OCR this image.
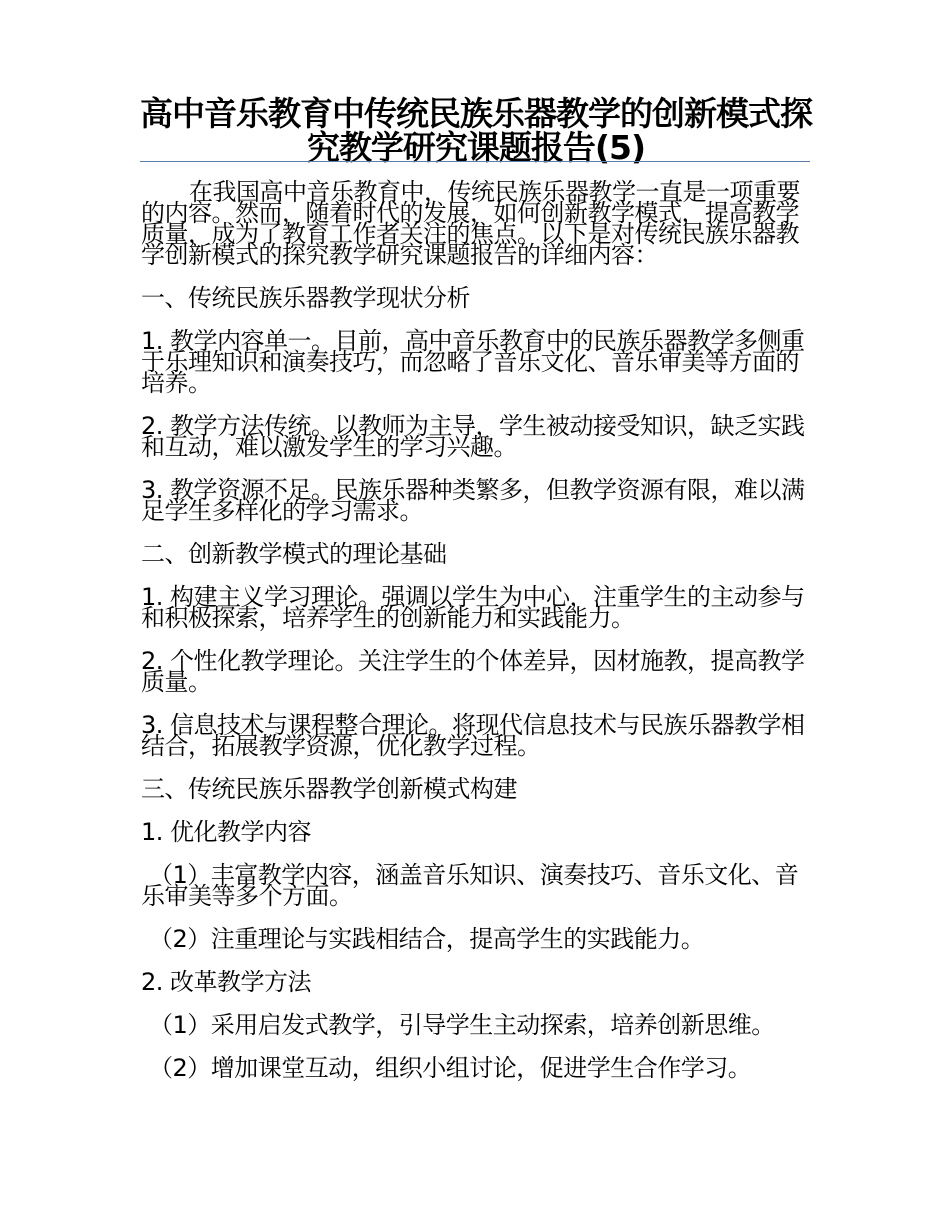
高中音乐教育中传统民族乐器教学的创新模式探究教学研究课题报告(5)

在我国高中音乐教育中，传统民族乐器教学一直是一项重要的内容。然而，随着时代的发展，如何创新教学模式，提高教学质量，成为了教育工作者关注的焦点。以下是对传统民族乐器教学创新模式的探究教学研究课题报告的详细内容：

一、传统民族乐器教学现状分析

1. 教学内容单一。目前，高中音乐教育中的民族乐器教学多侧重于乐理知识和演奏技巧，而忽略了音乐文化、音乐审美等方面的培养。

2. 教学方法传统。以教师为主导，学生被动接受知识，缺乏实践和互动，难以激发学生的学习兴趣。

3. 教学资源不足。民族乐器种类繁多，但教学资源有限，难以满足学生多样化的学习需求。

二、创新教学模式的理论基础

1. 构建主义学习理论。强调以学生为中心，注重学生的主动参与和积极探索，培养学生的创新能力和实践能力。

2. 个性化教学理论。关注学生的个体差异，因材施教，提高教学质量。

3. 信息技术与课程整合理论。将现代信息技术与民族乐器教学相结合，拓展教学资源，优化教学过程。

三、传统民族乐器教学创新模式构建

1. 优化教学内容

（1）丰富教学内容，涵盖音乐知识、演奏技巧、音乐文化、音乐审美等多个方面。

（2）注重理论与实践相结合，提高学生的实践能力。

2. 改革教学方法

（1）采用启发式教学，引导学生主动探索，培养创新思维。

（2）增加课堂互动，组织小组讨论，促进学生合作学习。
